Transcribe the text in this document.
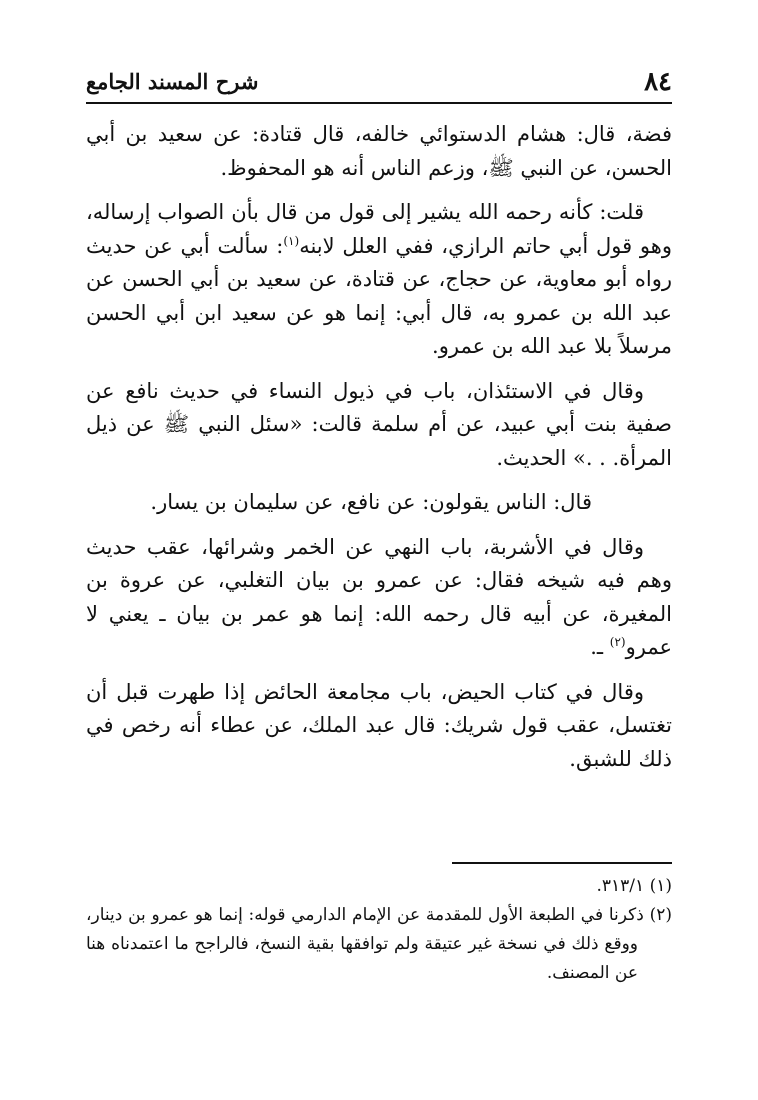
٨٤
شرح المسند الجامع

فضة، قال: هشام الدستوائي خالفه، قال قتادة: عن سعيد بن أبي الحسن، عن النبي ﷺ، وزعم الناس أنه هو المحفوظ.

قلت: كأنه رحمه الله يشير إلى قول من قال بأن الصواب إرساله، وهو قول أبي حاتم الرازي، ففي العلل لابنه$^{(١)}$: سألت أبي عن حديث رواه أبو معاوية، عن حجاج، عن قتادة، عن سعيد بن أبي الحسن عن عبد الله بن عمرو به، قال أبي: إنما هو عن سعيد ابن أبي الحسن مرسلاً بلا عبد الله بن عمرو.

وقال في الاستئذان، باب في ذيول النساء في حديث نافع عن صفية بنت أبي عبيد، عن أم سلمة قالت: «سئل النبي ﷺ عن ذيل المرأة. . .» الحديث.

قال: الناس يقولون: عن نافع، عن سليمان بن يسار.

وقال في الأشربة، باب النهي عن الخمر وشرائها، عقب حديث وهم فيه شيخه فقال: عن عمرو بن بيان التغلبي، عن عروة بن المغيرة، عن أبيه قال رحمه الله: إنما هو عمر بن بيان ـ يعني لا عمرو$^{(٢)}$ ـ.

وقال في كتاب الحيض، باب مجامعة الحائض إذا طهرت قبل أن تغتسل، عقب قول شريك: قال عبد الملك، عن عطاء أنه رخص في ذلك للشبق.

(١) ٣١٣/١.

(٢) ذكرنا في الطبعة الأول للمقدمة عن الإمام الدارمي قوله: إنما هو عمرو بن دينار، ووقع ذلك في نسخة غير عتيقة ولم توافقها بقية النسخ، فالراجح ما اعتمدناه هنا عن المصنف.
